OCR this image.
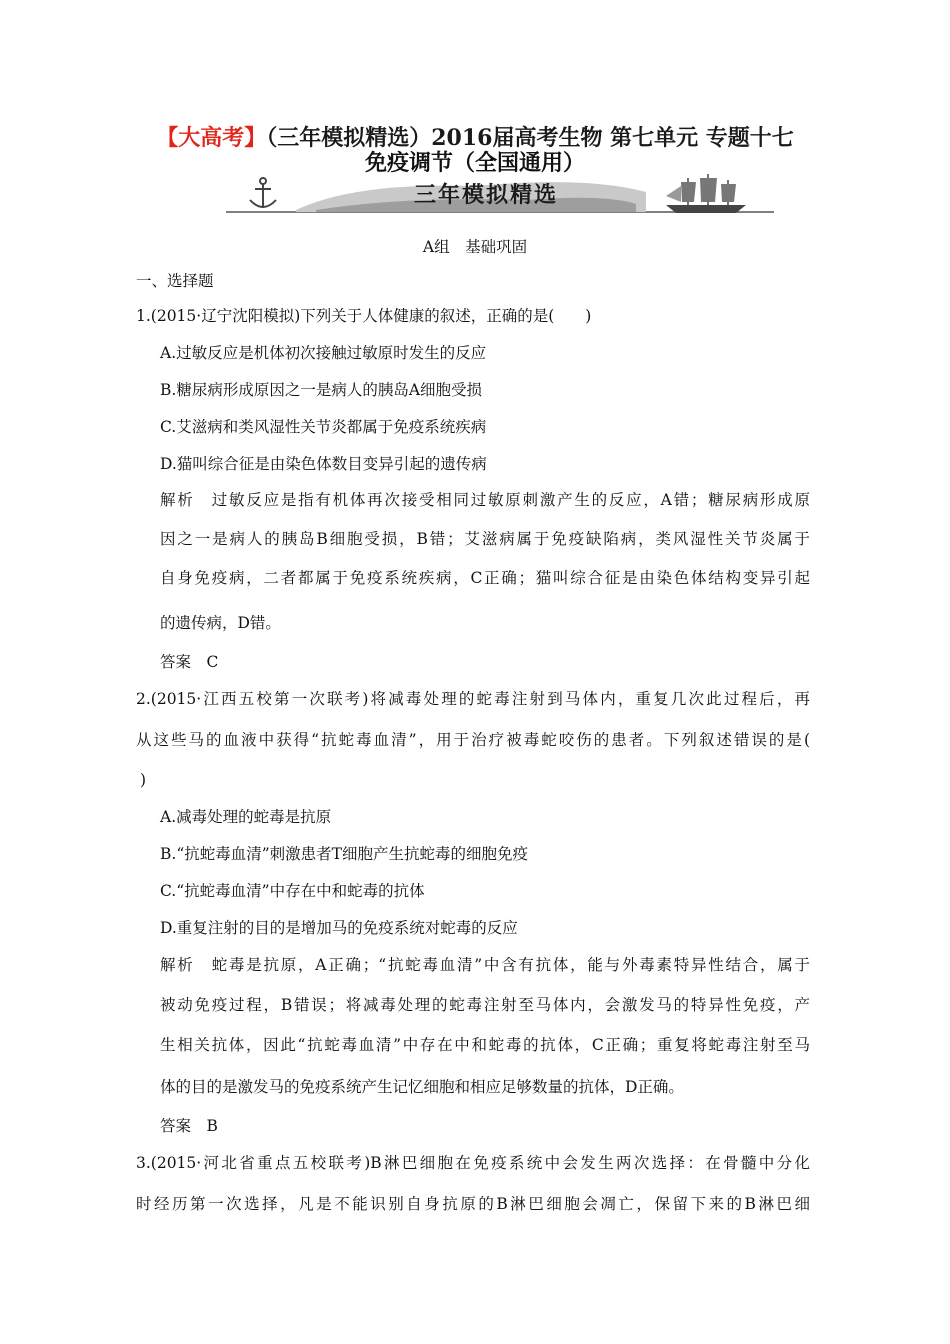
【大高考】（三年模拟精选）2016届高考生物 第七单元 专题十七
免疫调节（全国通用）
三年模拟精选
A组　基础巩固
一、选择题
1.(2015·辽宁沈阳模拟)下列关于人体健康的叙述，正确的是(　　)
A.过敏反应是机体初次接触过敏原时发生的反应
B.糖尿病形成原因之一是病人的胰岛A细胞受损
C.艾滋病和类风湿性关节炎都属于免疫系统疾病
D.猫叫综合征是由染色体数目变异引起的遗传病
解析　过敏反应是指有机体再次接受相同过敏原刺激产生的反应，A错；糖尿病形成原
因之一是病人的胰岛B细胞受损，B错；艾滋病属于免疫缺陷病，类风湿性关节炎属于
自身免疫病，二者都属于免疫系统疾病，C正确；猫叫综合征是由染色体结构变异引起
的遗传病，D错。
答案　C
2.(2015·江西五校第一次联考)将减毒处理的蛇毒注射到马体内，重复几次此过程后，再
从这些马的血液中获得“抗蛇毒血清”，用于治疗被毒蛇咬伤的患者。下列叙述错误的是(
)
A.减毒处理的蛇毒是抗原
B.“抗蛇毒血清”刺激患者T细胞产生抗蛇毒的细胞免疫
C.“抗蛇毒血清”中存在中和蛇毒的抗体
D.重复注射的目的是增加马的免疫系统对蛇毒的反应
解析　蛇毒是抗原，A正确；“抗蛇毒血清”中含有抗体，能与外毒素特异性结合，属于
被动免疫过程，B错误；将减毒处理的蛇毒注射至马体内，会激发马的特异性免疫，产
生相关抗体，因此“抗蛇毒血清”中存在中和蛇毒的抗体，C正确；重复将蛇毒注射至马
体的目的是激发马的免疫系统产生记忆细胞和相应足够数量的抗体，D正确。
答案　B
3.(2015·河北省重点五校联考)B淋巴细胞在免疫系统中会发生两次选择：在骨髓中分化
时经历第一次选择，凡是不能识别自身抗原的B淋巴细胞会凋亡，保留下来的B淋巴细
